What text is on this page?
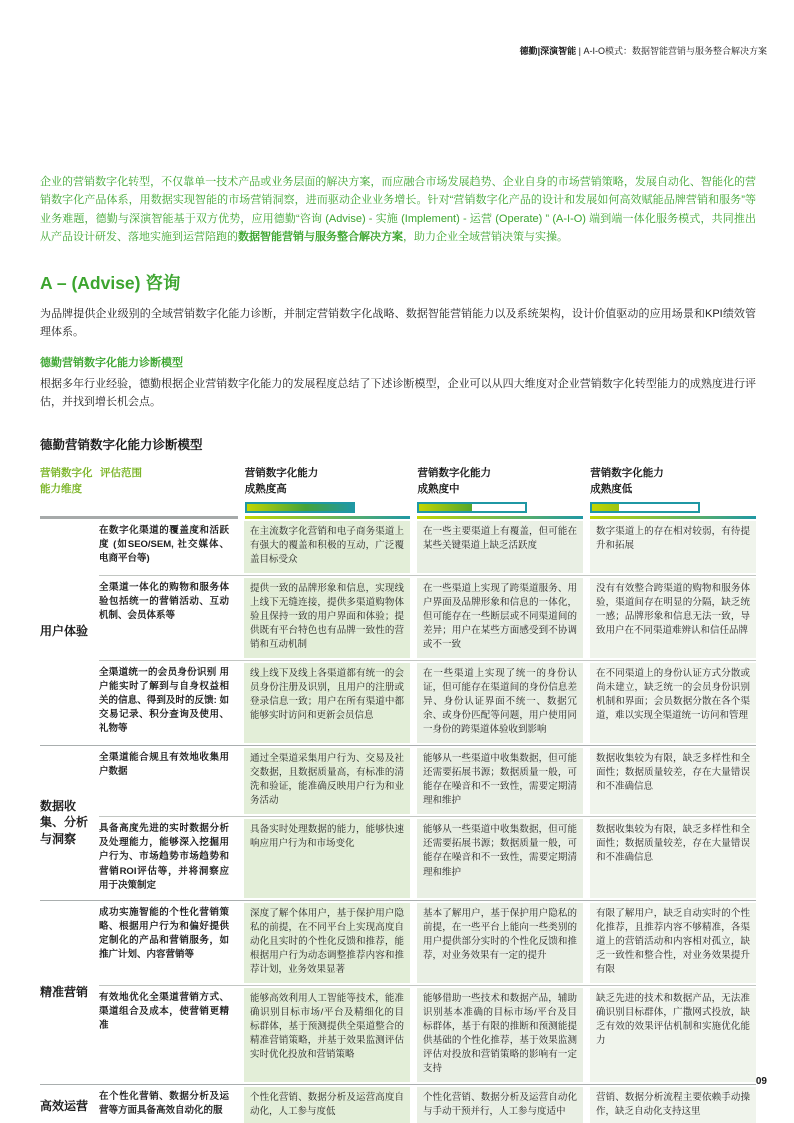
德勤|深演智能 | A-I-O模式：数据智能营销与服务整合解决方案

企业的营销数字化转型，不仅靠单一技术产品或业务层面的解决方案，而应融合市场发展趋势、企业自身的市场营销策略，发展自动化、智能化的营销数字化产品体系，用数据实现智能的市场营销洞察，进而驱动企业业务增长。针对“营销数字化产品的设计和发展如何高效赋能品牌营销和服务”等业务难题，德勤与深演智能基于双方优势，应用德勤“咨询 (Advise) - 实施 (Implement) - 运营 (Operate) ” (A-I-O) 端到端一体化服务模式，共同推出从产品设计研发、落地实施到运营陪跑的数据智能营销与服务整合解决方案，助力企业全域营销决策与实操。

A – (Advise) 咨询

为品牌提供企业级别的全域营销数字化能力诊断，并制定营销数字化战略、数据智能营销能力以及系统架构，设计价值驱动的应用场景和KPI绩效管理体系。

德勤营销数字化能力诊断模型

根据多年行业经验，德勤根据企业营销数字化能力的发展程度总结了下述诊断模型，企业可以从四大维度对企业营销数字化转型能力的成熟度进行评估，并找到增长机会点。

德勤营销数字化能力诊断模型
营销数字化
能力维度
评估范围	营销数字化能力
成熟度高
营销数字化能力
成熟度中
营销数字化能力
成熟度低
用户体验
在数字化渠道的覆盖度和活跃度 (如SEO/SEM, 社交媒体、电商平台等)
在主流数字化营销和电子商务渠道上有强大的覆盖和积极的互动，广泛覆盖目标受众
在一些主要渠道上有覆盖，但可能在某些关键渠道上缺乏活跃度
数字渠道上的存在相对较弱，有待提升和拓展
全渠道一体化的购物和服务体验包括统一的营销活动、互动机制、会员体系等
提供一致的品牌形象和信息，实现线上线下无缝连接，提供多渠道购物体验且保持一致的用户界面和体验；提供既有平台特色也有品牌一致性的营销和互动机制
在一些渠道上实现了跨渠道服务、用户界面及品牌形象和信息的一体化，但可能存在一些断层或不同渠道间的差异；用户在某些方面感受到不协调或不一致
没有有效整合跨渠道的购物和服务体验，渠道间存在明显的分隔，缺乏统一感；品牌形象和信息无法一致，导致用户在不同渠道难辨认和信任品牌
全渠道统一的会员身份识别 用户能实时了解到与自身权益相关的信息、得到及时的反馈: 如交易记录、积分查询及使用、礼物等
线上线下及线上各渠道都有统一的会员身份注册及识别，且用户的注册或登录信息一致；用户在所有渠道中都能够实时访问和更新会员信息
在一些渠道上实现了统一的身份认证，但可能存在渠道间的身份信息差异、身份认证界面不统一、数据冗余、或身份匹配等问题，用户使用同一身份的跨渠道体验收到影响
在不同渠道上的身份认证方式分散或尚未建立，缺乏统一的会员身份识别机制和界面；会员数据分散在各个渠道，难以实现全渠道统一访问和管理
数据收集、分析与洞察
全渠道能合规且有效地收集用户数据
通过全渠道采集用户行为、交易及社交数据，且数据质量高，有标准的清洗和验证，能准确反映用户行为和业务活动
能够从一些渠道中收集数据，但可能还需要拓展书源；数据质量一般，可能存在噪音和不一致性，需要定期清理和维护
数据收集较为有限，缺乏多样性和全面性；数据质量较差，存在大量错误和不准确信息
具备高度先进的实时数据分析及处理能力，能够深入挖掘用户行为、市场趋势市场趋势和营销ROI评估等，并将洞察应用于决策制定
具备实时处理数据的能力，能够快速响应用户行为和市场变化
能够从一些渠道中收集数据，但可能还需要拓展书源；数据质量一般，可能存在噪音和不一致性，需要定期清理和维护
数据收集较为有限，缺乏多样性和全面性；数据质量较差，存在大量错误和不准确信息
精准营销
成功实施智能的个性化营销策略、根据用户行为和偏好提供定制化的产品和营销服务，如推广计划、内容营销等
深度了解个体用户，基于保护用户隐私的前提，在不同平台上实现高度自动化且实时的个性化反馈和推荐，能根据用户行为动态调整推荐内容和推荐计划，业务效果显著
基本了解用户，基于保护用户隐私的前提，在一些平台上能向一些类别的用户提供部分实时的个性化反馈和推荐，对业务效果有一定的提升
有限了解用户，缺乏自动实时的个性化推荐，且推荐内容不够精准，各渠道上的营销活动和内容相对孤立，缺乏一致性和整合性，对业务效果提升有限
有效地优化全渠道营销方式、渠道组合及成本，使营销更精准
能够高效利用人工智能等技术，能准确识别目标市场/平台及精细化的目标群体，基于预测提供全渠道整合的精准营销策略，并基于效果监测评估实时优化投放和营销策略
能够借助一些技术和数据产品，辅助识别基本准确的目标市场/平台及目标群体，基于有限的推断和预测能提供基础的个性化推荐，基于效果监测评估对投放和营销策略的影响有一定支持
缺乏先进的技术和数据产品，无法准确识别目标群体，广撒网式投放，缺乏有效的效果评估机制和实施优化能力
高效运营
在个性化营销、数据分析及运营等方面具备高效自动化的服
个性化营销、数据分析及运营高度自动化，人工参与度低
个性化营销、数据分析及运营自动化与手动干预并行，人工参与度适中
营销、数据分析流程主要依赖手动操作，缺乏自动化支持这里
09
